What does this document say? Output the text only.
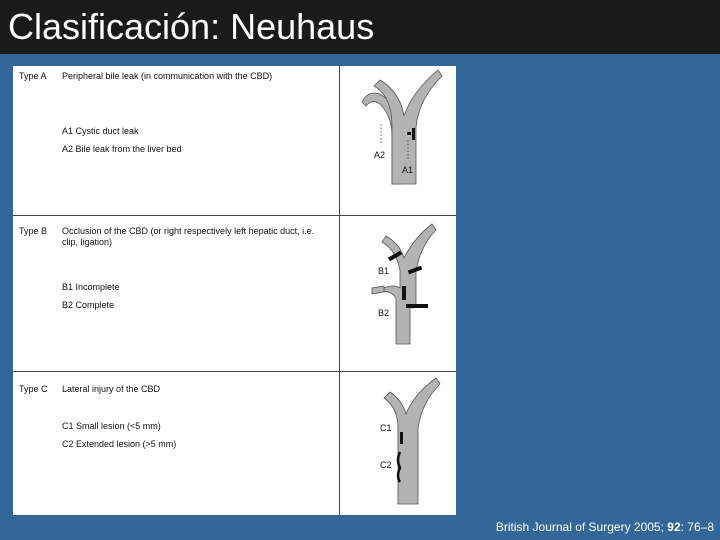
Clasificación: Neuhaus
Type A Peripheral bile leak (in communication with the CBD)
A1 Cystic duct leak
A2 Bile leak from the liver bed
A2
A1
Type B Occlusion of the CBD (or right respectively left hepatic duct, i.e. clip, ligation)
B1 Incomplete
B2 Complete
B1
B2
Type C Lateral injury of the CBD
C1 Small lesion (<5 mm)
C2 Extended lesion (>5 mm)
C1
C2
British Journal of Surgery 2005; 92: 76–8
